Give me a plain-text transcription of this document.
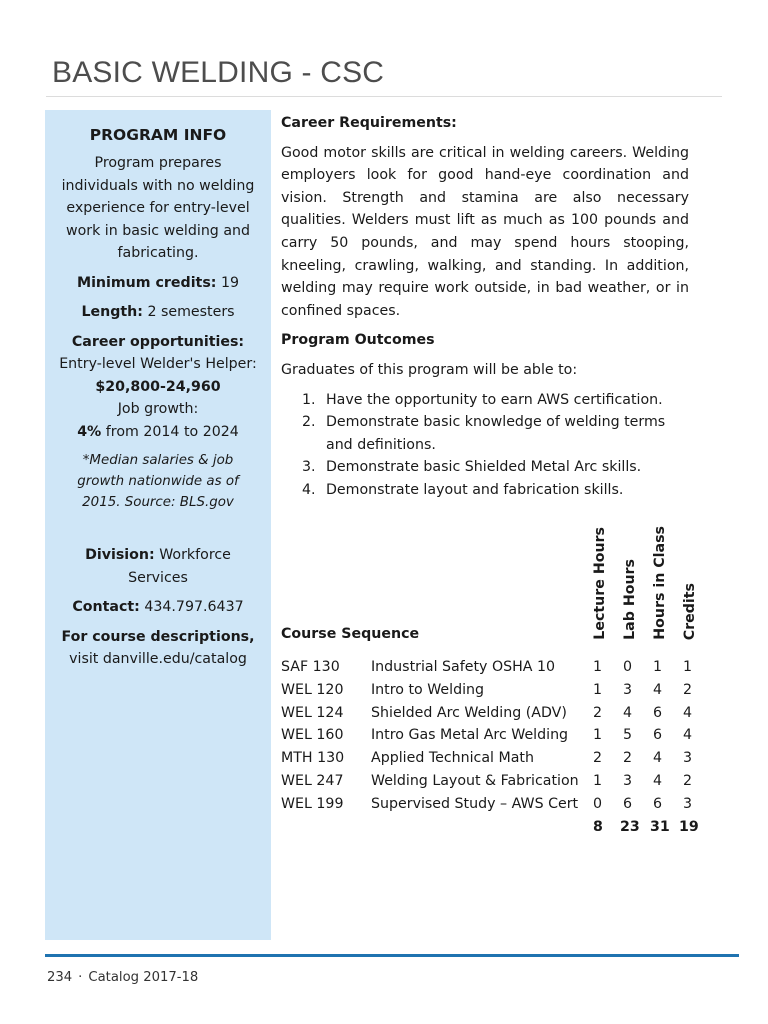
BASIC WELDING - CSC
PROGRAM INFO

Program prepares individuals with no welding experience for entry-level work in basic welding and fabricating.

Minimum credits: 19

Length: 2 semesters

Career opportunities:
Entry-level Welder's Helper: $20,800-24,960
Job growth:
4% from 2014 to 2024

*Median salaries & job growth nationwide as of 2015. Source: BLS.gov

Division: Workforce Services

Contact: 434.797.6437

For course descriptions,
visit danville.edu/catalog

Career Requirements:

Good motor skills are critical in welding careers. Welding employers look for good hand-eye coordination and vision. Strength and stamina are also necessary qualities. Welders must lift as much as 100 pounds and carry 50 pounds, and may spend hours stooping, kneeling, crawling, walking, and standing. In addition, welding may require work outside, in bad weather, or in confined spaces.

Program Outcomes

Graduates of this program will be able to:

1. Have the opportunity to earn AWS certification.
2. Demonstrate basic knowledge of welding terms and definitions.
3. Demonstrate basic Shielded Metal Arc skills.
4. Demonstrate layout and fabrication skills.
Lecture Hours Lab Hours Hours in Class Credits
Course Sequence
SAF 130 Industrial Safety OSHA 10	1 0 1 1
WEL 120 Intro to Welding	1 3 4 2
WEL 124 Shielded Arc Welding (ADV) 2 4 6 4
WEL 160 Intro Gas Metal Arc Welding 1 5 6 4
MTH 130 Applied Technical Math	2 2 4 3
WEL 247 Welding Layout & Fabrication 1 3 4 2
WEL 199 Supervised Study – AWS Cert 0 6 6 3
8 23 31 19
234 · Catalog 2017-18
